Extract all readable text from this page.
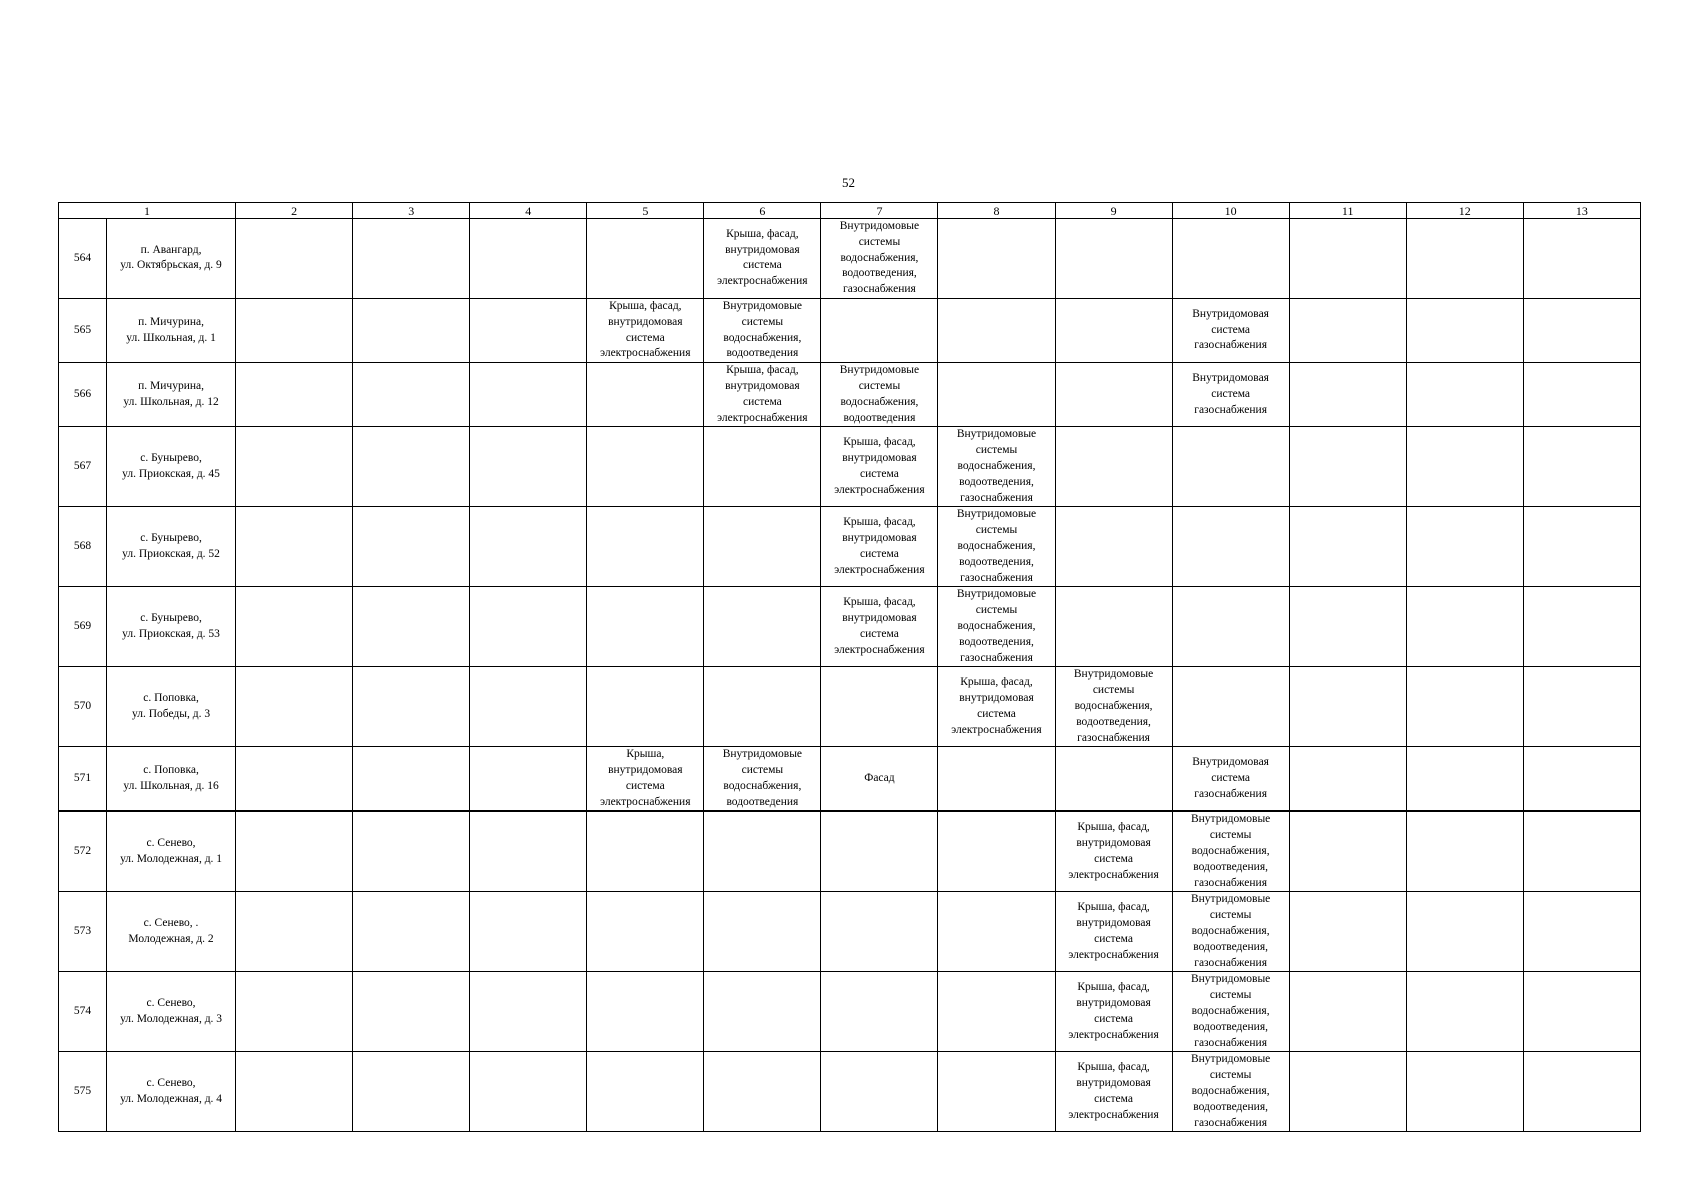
52
1		2	3	4	5	6	7	8	9	10	11	12	13
564	п. Авангард,
ул. Октябрьская, д. 9					Крыша, фасад,
внутридомовая
система
электроснабжения	Внутридомовые
системы
водоснабжения,
водоотведения,
газоснабжения						

565	п. Мичурина,
ул. Школьная, д. 1				Крыша, фасад,
внутридомовая
система
электроснабжения	Внутридомовые
системы
водоснабжения,
водоотведения				Внутридомовая
система
газоснабжения			

566	п. Мичурина,
ул. Школьная, д. 12					Крыша, фасад,
внутридомовая
система
электроснабжения	Внутридомовые
системы
водоснабжения,
водоотведения			Внутридомовая
система
газоснабжения			

567	с. Бунырево,
ул. Приокская, д. 45						Крыша, фасад,
внутридомовая
система
электроснабжения	Внутридомовые
системы
водоснабжения,
водоотведения,
газоснабжения					

568	с. Бунырево,
ул. Приокская, д. 52						Крыша, фасад,
внутридомовая
система
электроснабжения	Внутридомовые
системы
водоснабжения,
водоотведения,
газоснабжения					

569	с. Бунырево,
ул. Приокская, д. 53						Крыша, фасад,
внутридомовая
система
электроснабжения	Внутридомовые
системы
водоснабжения,
водоотведения,
газоснабжения					

570	с. Поповка,
ул. Победы, д. 3							Крыша, фасад,
внутридомовая
система
электроснабжения	Внутридомовые
системы
водоснабжения,
водоотведения,
газоснабжения				

571	с. Поповка,
ул. Школьная, д. 16				Крыша,
внутридомовая
система
электроснабжения	Внутридомовые
системы
водоснабжения,
водоотведения	Фасад			Внутридомовая
система
газоснабжения			

572	с. Сенево,
ул. Молодежная, д. 1								Крыша, фасад,
внутридомовая
система
электроснабжения	Внутридомовые
системы
водоснабжения,
водоотведения,
газоснабжения			

573	с. Сенево, .
Молодежная, д. 2								Крыша, фасад,
внутридомовая
система
электроснабжения	Внутридомовые
системы
водоснабжения,
водоотведения,
газоснабжения			

574	с. Сенево,
ул. Молодежная, д. 3								Крыша, фасад,
внутридомовая
система
электроснабжения	Внутридомовые
системы
водоснабжения,
водоотведения,
газоснабжения			

575	с. Сенево,
ул. Молодежная, д. 4								Крыша, фасад,
внутридомовая
система
электроснабжения	Внутридомовые
системы
водоснабжения,
водоотведения,
газоснабжения			
